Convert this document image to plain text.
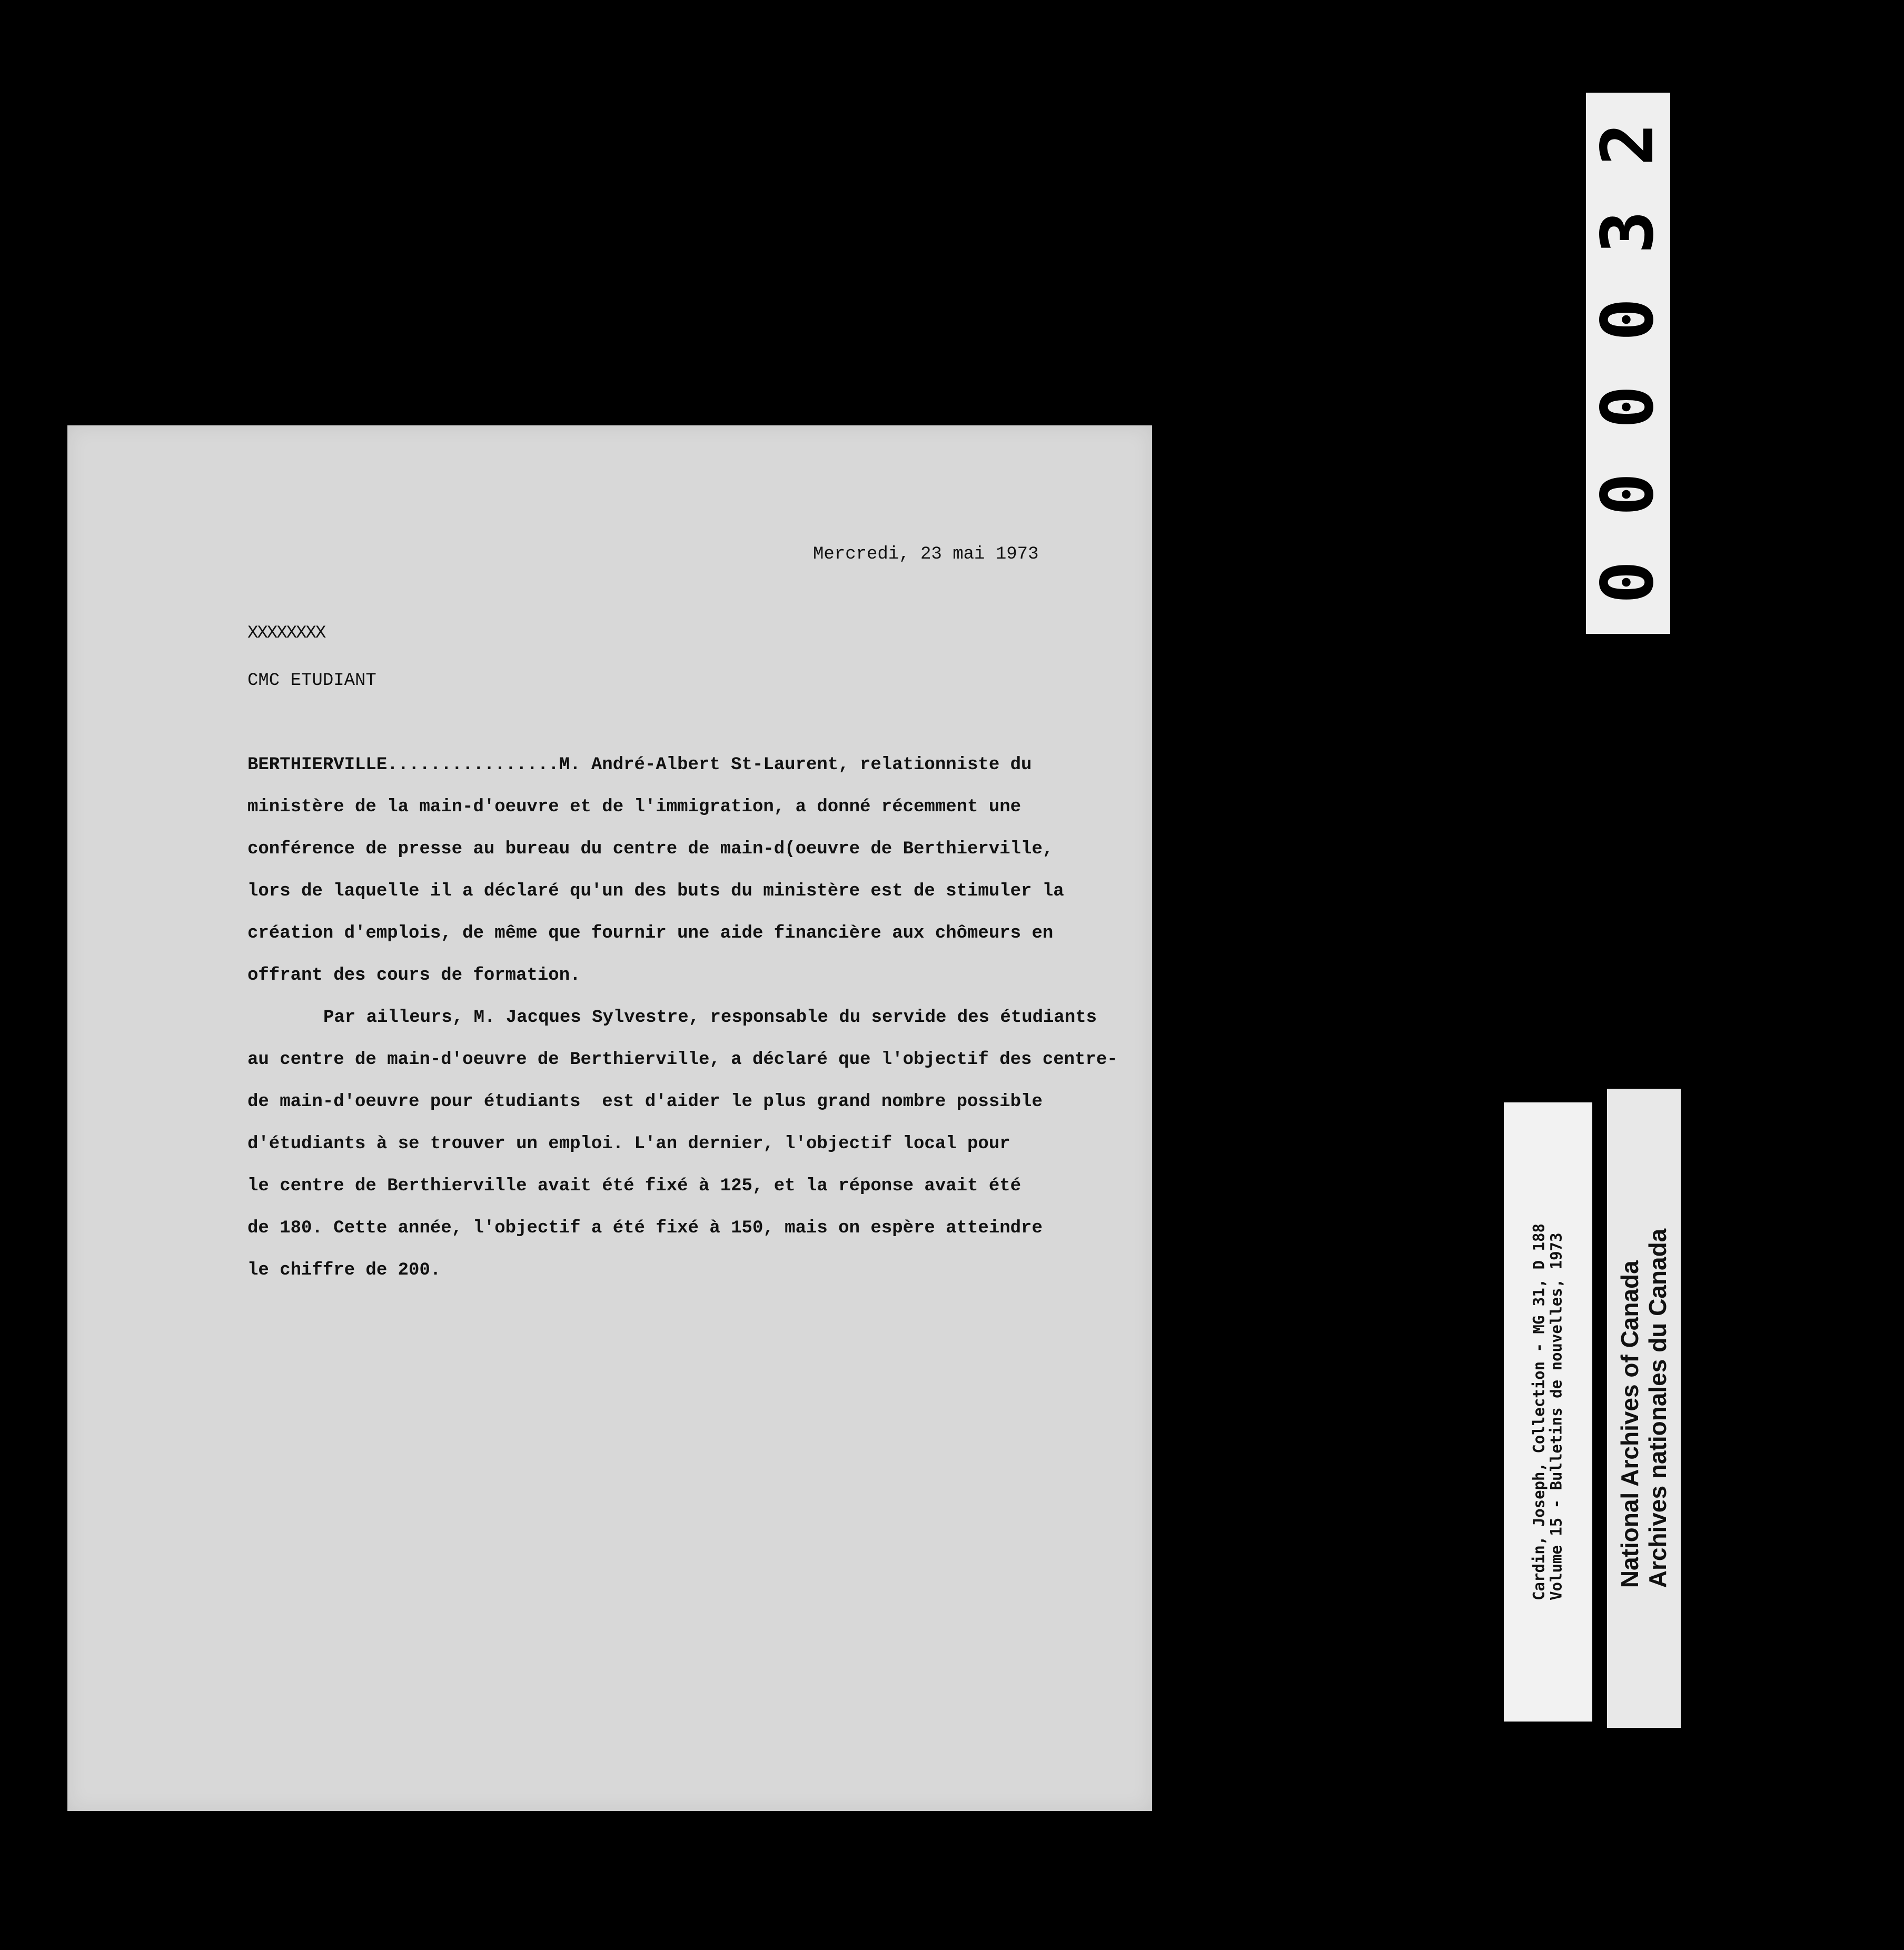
Mercredi, 23 mai 1973
XXXXXXXX
CMC ETUDIANT
BERTHIERVILLE................M. André-Albert St-Laurent, relationniste du
ministère de la main-d'oeuvre et de l'immigration, a donné récemment une
conférence de presse au bureau du centre de main-d(oeuvre de Berthierville,
lors de laquelle il a déclaré qu'un des buts du ministère est de stimuler la
création d'emplois, de même que fournir une aide financière aux chômeurs en
offrant des cours de formation.
Par ailleurs, M. Jacques Sylvestre, responsable du servide des étudiants
au centre de main-d'oeuvre de Berthierville, a déclaré que l'objectif des centre-
de main-d'oeuvre pour étudiants  est d'aider le plus grand nombre possible
d'étudiants à se trouver un emploi. L'an dernier, l'objectif local pour
le centre de Berthierville avait été fixé à 125, et la réponse avait été
de 180. Cette année, l'objectif a été fixé à 150, mais on espère atteindre
le chiffre de 200.
2
3
0
0
0
0
Cardin, Joseph, Collection - MG 31, D 188 Volume 15 - Bulletins de nouvelles, 1973 National Archives of Canada Archives nationales du Canada
